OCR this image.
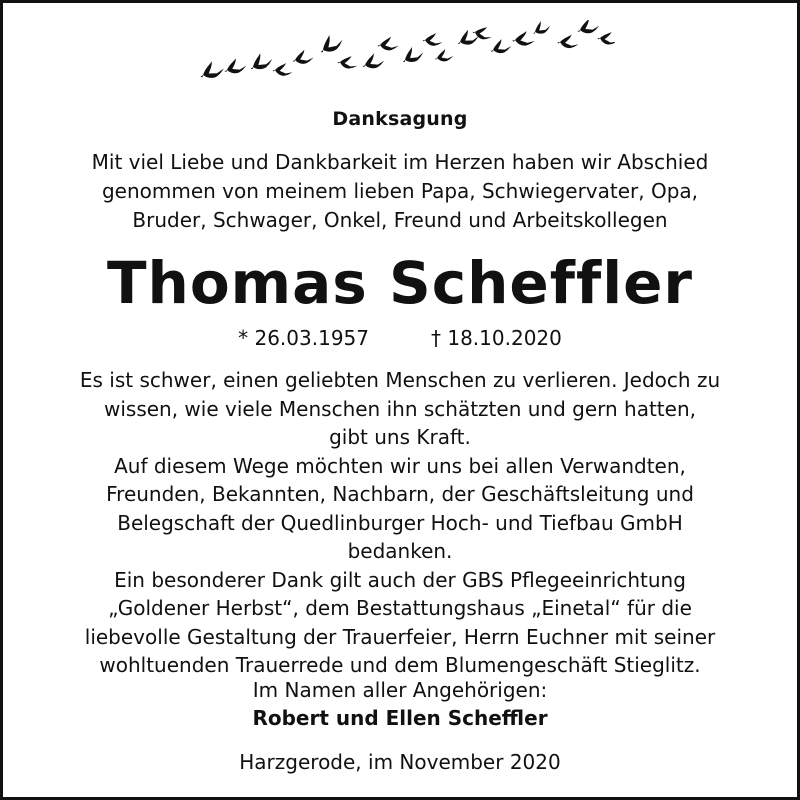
Danksagung
Mit viel Liebe und Dankbarkeit im Herzen haben wir Abschied
genommen von meinem lieben Papa, Schwiegervater, Opa,
Bruder, Schwager, Onkel, Freund und Arbeitskollegen
Thomas Scheffler
* 26.03.1957	† 18.10.2020

Es ist schwer, einen geliebten Menschen zu verlieren. Jedoch zu

wissen, wie viele Menschen ihn schätzten und gern hatten,

gibt uns Kraft.

Auf diesem Wege möchten wir uns bei allen Verwandten,

Freunden, Bekannten, Nachbarn, der Geschäftsleitung und

Belegschaft der Quedlinburger Hoch- und Tiefbau GmbH

bedanken.

Ein besonderer Dank gilt auch der GBS Pflegeeinrichtung

„Goldener Herbst“, dem Bestattungshaus „Einetal“ für die

liebevolle Gestaltung der Trauerfeier, Herrn Euchner mit seiner

wohltuenden Trauerrede und dem Blumengeschäft Stieglitz.

Im Namen aller Angehörigen:
Robert und Ellen Scheffler
Harzgerode, im November 2020
